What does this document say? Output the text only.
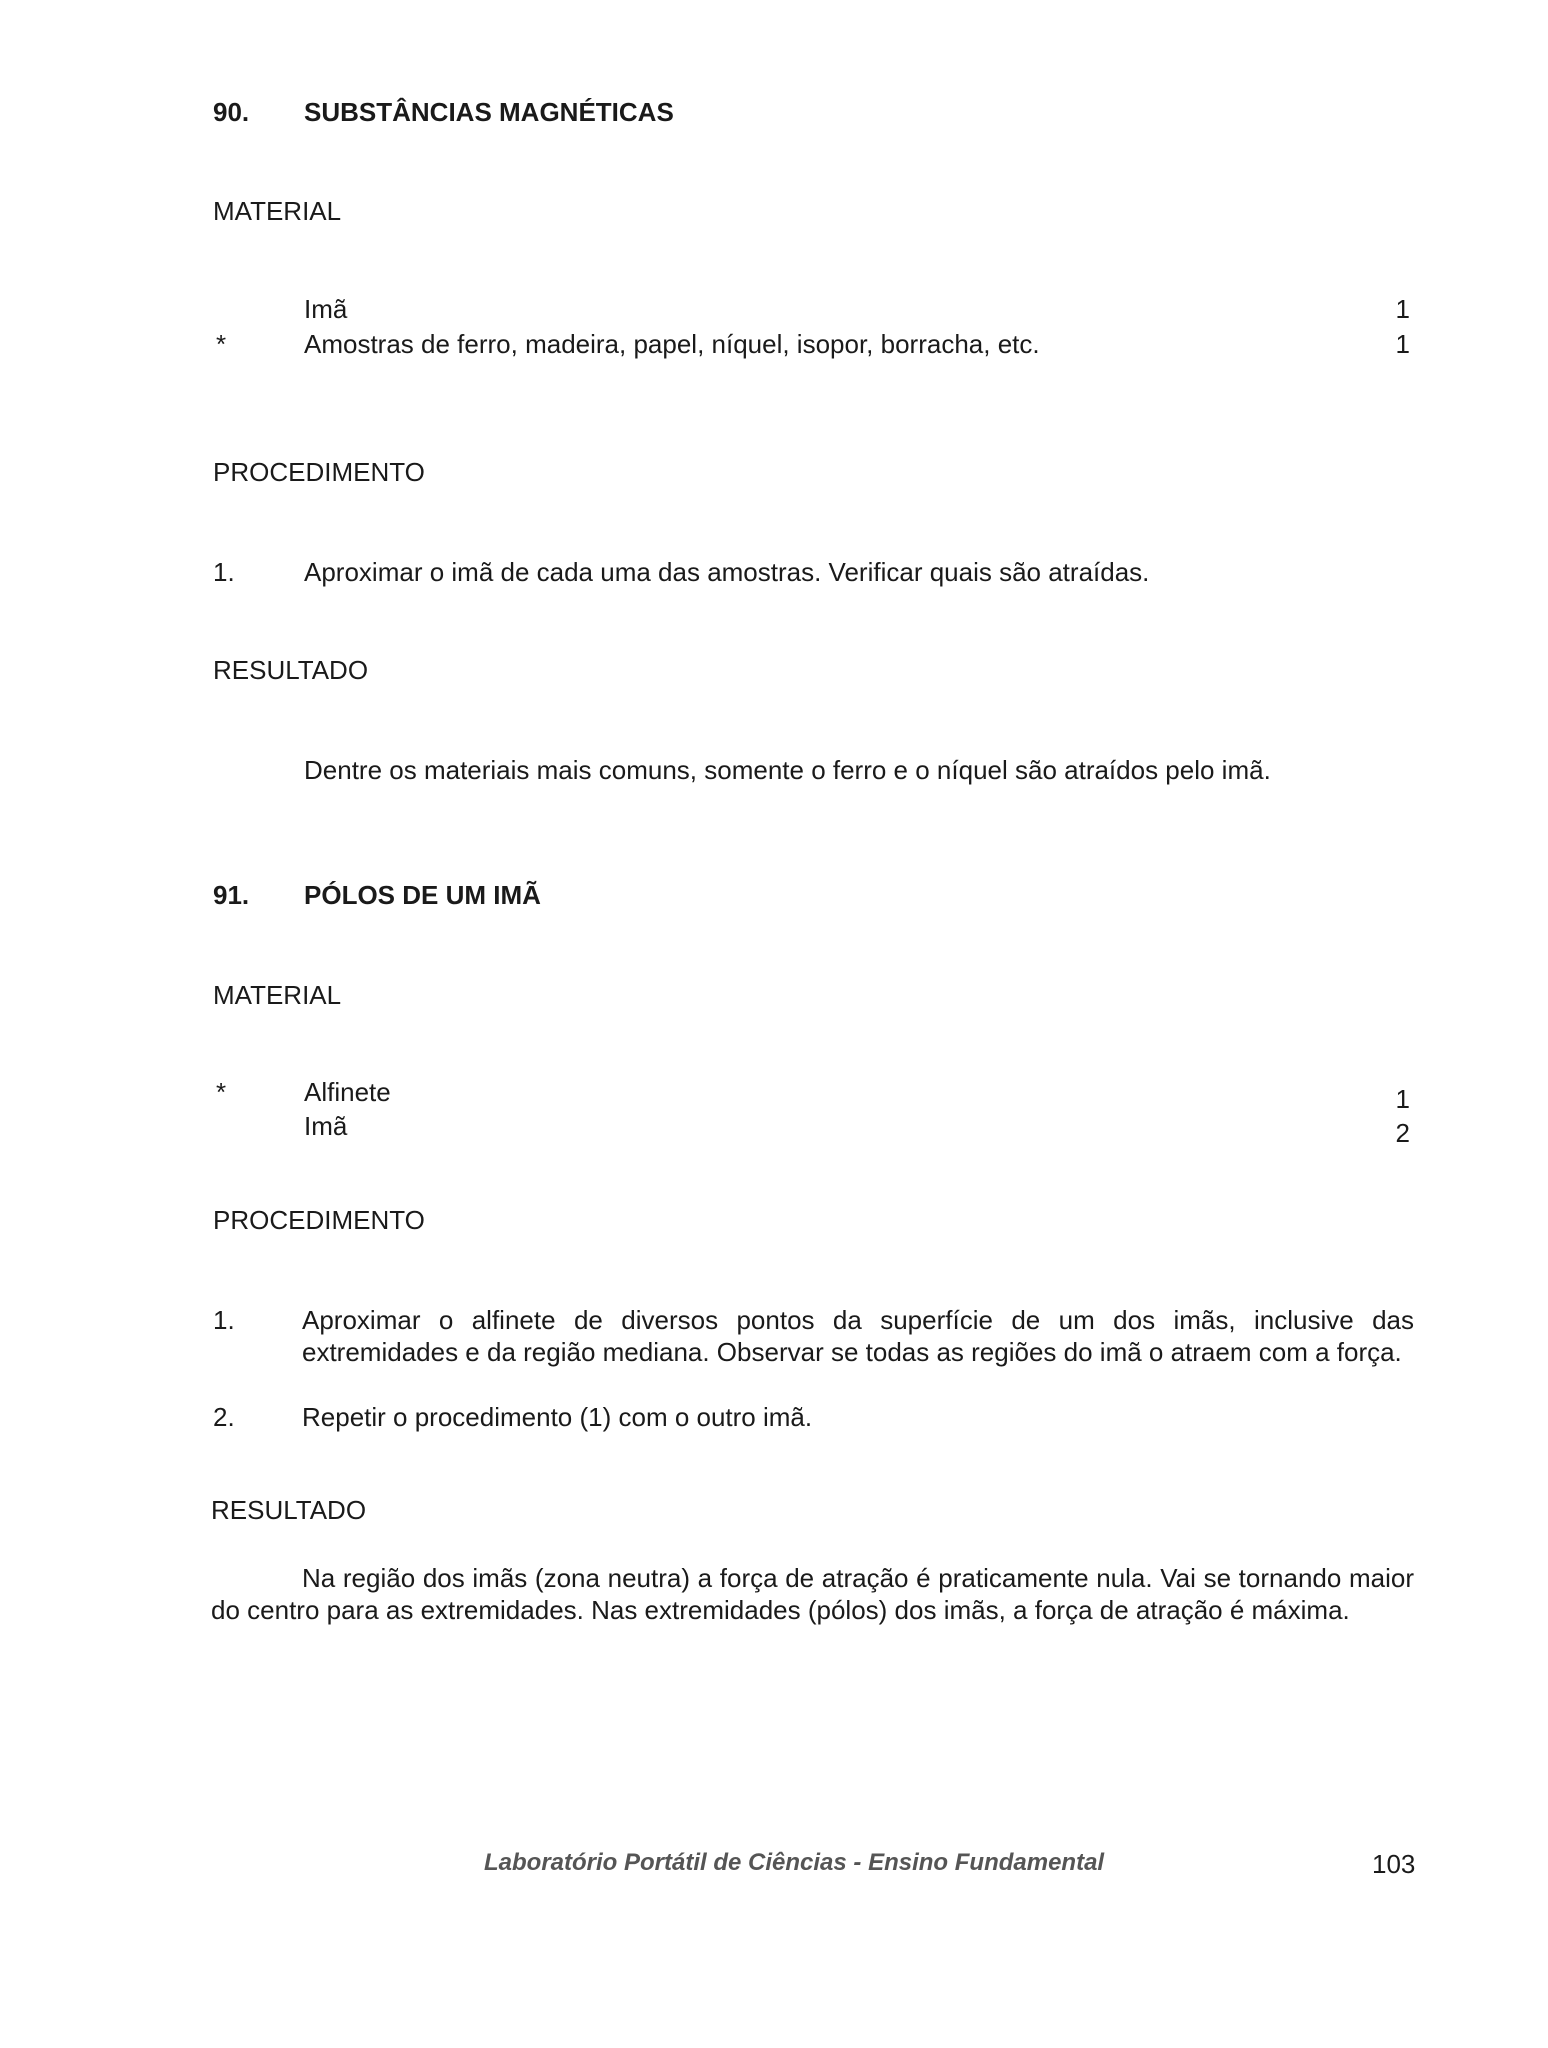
90. SUBSTÂNCIAS MAGNÉTICAS
MATERIAL
Imã	1
*	Amostras de ferro, madeira, papel, níquel, isopor, borracha, etc.	1
PROCEDIMENTO
1.	Aproximar o imã de cada uma das amostras. Verificar quais são atraídas.
RESULTADO
Dentre os materiais mais comuns, somente o ferro e o níquel são atraídos pelo imã.
91. PÓLOS DE UM IMÃ
MATERIAL
*	Alfinete	1
Imã	2
PROCEDIMENTO
1.	Aproximar o alfinete de diversos pontos da superfície de um dos imãs, inclusive das extremidades e da região mediana. Observar se todas as regiões do imã o atraem com a força.
2.	Repetir o procedimento (1) com o outro imã.
RESULTADO
Na região dos imãs (zona neutra) a força de atração é praticamente nula. Vai se tornando maior do centro para as extremidades. Nas extremidades (pólos) dos imãs, a força de atração é máxima.
Laboratório Portátil de Ciências - Ensino Fundamental	103
